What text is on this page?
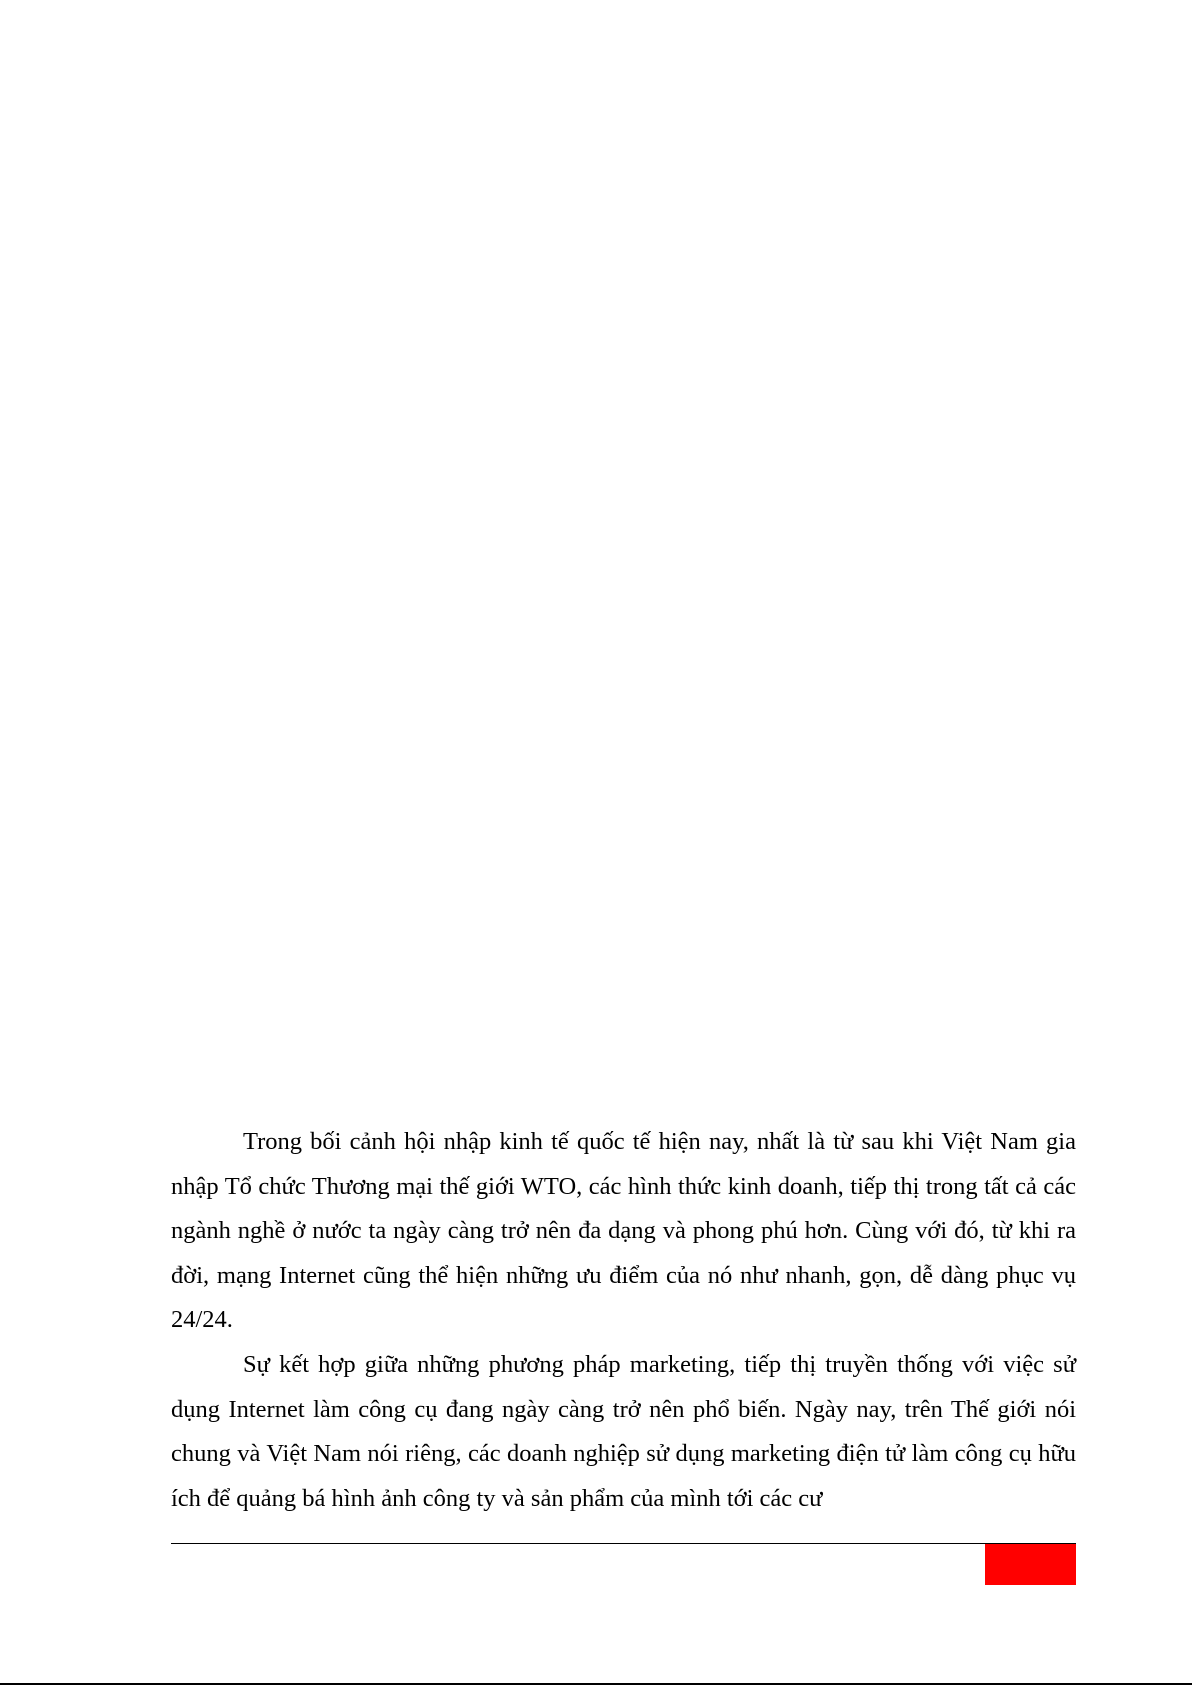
Trong bối cảnh hội nhập kinh tế quốc tế hiện nay, nhất là từ sau khi Việt Nam gia nhập Tổ chức Thương mại thế giới WTO, các hình thức kinh doanh, tiếp thị trong tất cả các ngành nghề ở nước ta ngày càng trở nên đa dạng và phong phú hơn. Cùng với đó, từ khi ra đời, mạng Internet cũng thể hiện những ưu điểm của nó như nhanh, gọn, dễ dàng phục vụ 24/24.

Sự kết hợp giữa những phương pháp marketing, tiếp thị truyền thống với việc sử dụng Internet làm công cụ đang ngày càng trở nên phổ biến. Ngày nay, trên Thế giới nói chung và Việt Nam nói riêng, các doanh nghiệp sử dụng marketing điện tử làm công cụ hữu ích để quảng bá hình ảnh công ty và sản phẩm của mình tới các cư
